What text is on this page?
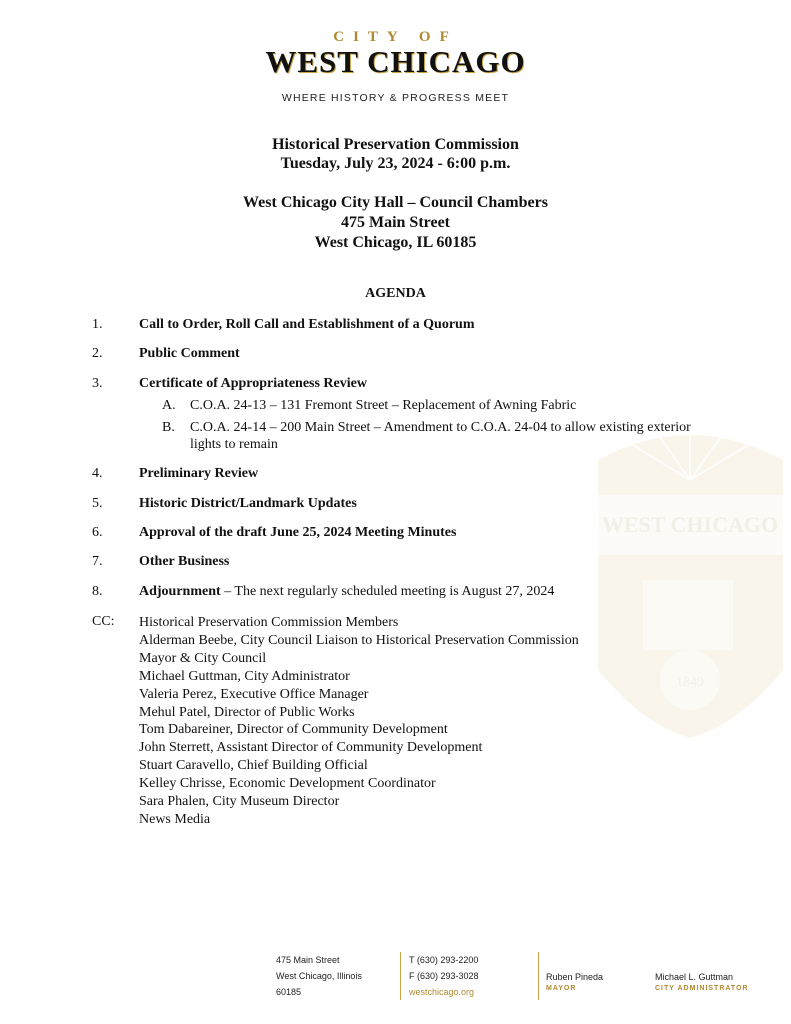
CITY OF
WEST CHICAGO
WHERE HISTORY & PROGRESS MEET
Historical Preservation Commission
Tuesday, July 23, 2024 - 6:00 p.m.
West Chicago City Hall – Council Chambers
475 Main Street
West Chicago, IL 60185
AGENDA
1.	Call to Order, Roll Call and Establishment of a Quorum
2.	Public Comment
3.	Certificate of Appropriateness Review
A. C.O.A. 24-13 – 131 Fremont Street – Replacement of Awning Fabric
B. C.O.A. 24-14 – 200 Main Street – Amendment to C.O.A. 24-04 to allow existing exterior lights to remain
4.	Preliminary Review
5.	Historic District/Landmark Updates
6.	Approval of the draft June 25, 2024 Meeting Minutes
7.	Other Business
8.	Adjournment – The next regularly scheduled meeting is August 27, 2024
CC: Historical Preservation Commission Members
Alderman Beebe, City Council Liaison to Historical Preservation Commission
Mayor & City Council
Michael Guttman, City Administrator
Valeria Perez, Executive Office Manager
Mehul Patel, Director of Public Works
Tom Dabareiner, Director of Community Development
John Sterrett, Assistant Director of Community Development
Stuart Caravello, Chief Building Official
Kelley Chrisse, Economic Development Coordinator
Sara Phalen, City Museum Director
News Media
WEST CHICAGO
1849
475 Main Street
West Chicago, Illinois
60185
T (630) 293-2200
F (630) 293-3028
westchicago.org
Ruben Pineda
MAYOR
Michael L. Guttman
CITY ADMINISTRATOR
